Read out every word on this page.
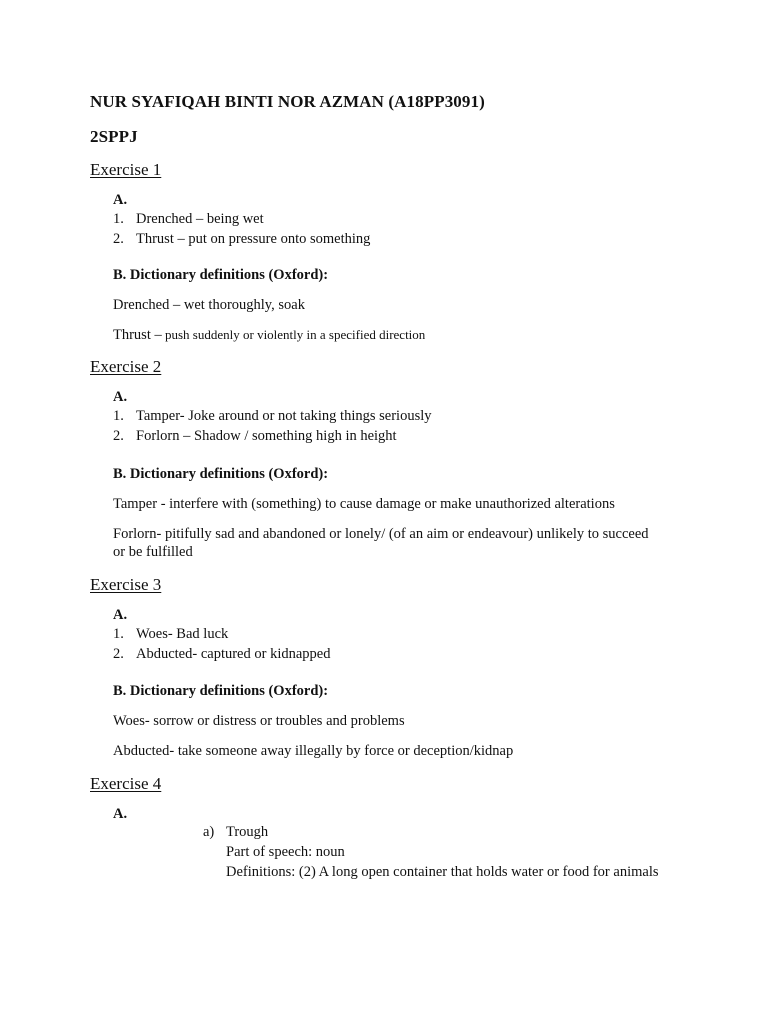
NUR SYAFIQAH BINTI NOR AZMAN (A18PP3091)
2SPPJ
Exercise 1
A.
1. Drenched – being wet
2. Thrust – put on pressure onto something
B. Dictionary definitions (Oxford):
Drenched – wet thoroughly, soak
Thrust – push suddenly or violently in a specified direction
Exercise 2
A.
1. Tamper- Joke around or not taking things seriously
2. Forlorn – Shadow / something high in height
B. Dictionary definitions (Oxford):
Tamper - interfere with (something) to cause damage or make unauthorized alterations
Forlorn- pitifully sad and abandoned or lonely/ (of an aim or endeavour) unlikely to succeed
or be fulfilled
Exercise 3
A.
1. Woes- Bad luck
2. Abducted- captured or kidnapped
B. Dictionary definitions (Oxford):
Woes- sorrow or distress or troubles and problems
Abducted- take someone away illegally by force or deception/kidnap
Exercise 4
A.
a) Trough
Part of speech: noun
Definitions: (2) A long open container that holds water or food for animals
